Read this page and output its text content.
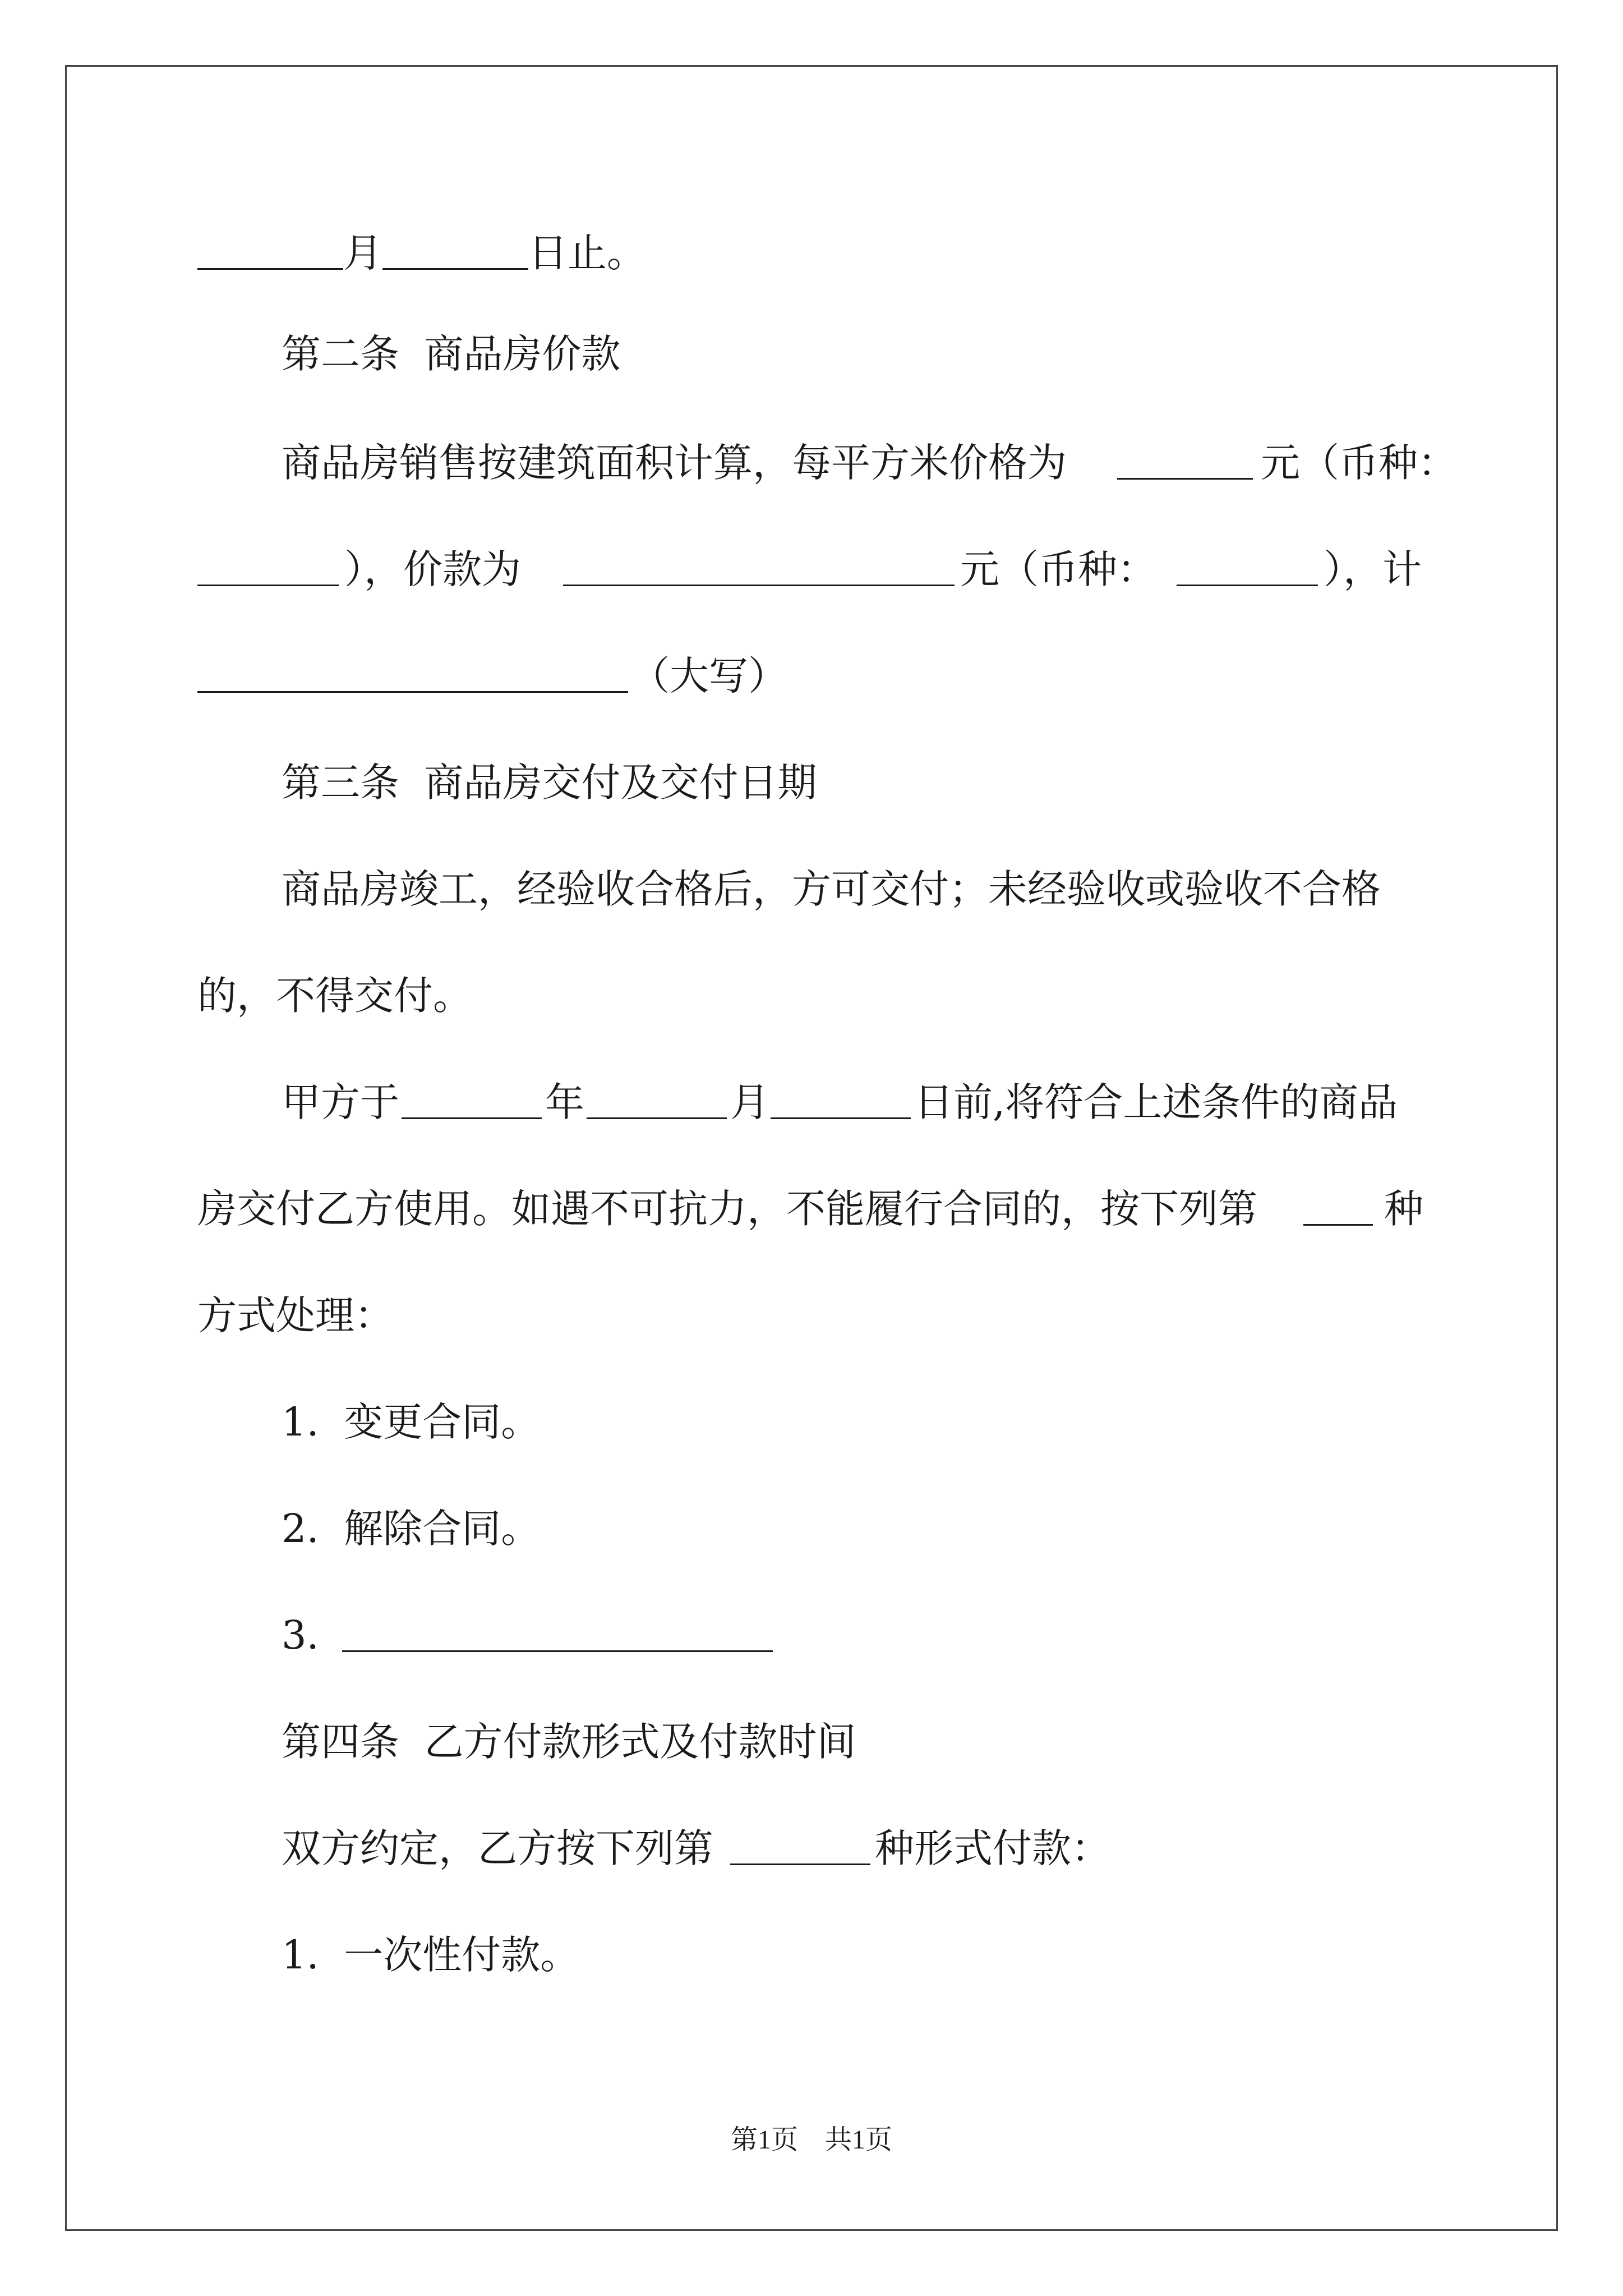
月

	日止。

第二条  商品房价款

商品房销售按建筑面积计算，每平方米价格为

	元（币种：

），价款为

	元（币种：

	），计

（大写）

第三条  商品房交付及交付日期

商品房竣工，经验收合格后，方可交付；未经验收或验收不合格

的，不得交付。

甲方于

	年

	月

	日前,将符合上述条件的商品

房交付乙方使用。如遇不可抗力，不能履行合同的，按下列第

	种

方式处理：

1.  变更合同。

2.  解除合同。

3.

第四条  乙方付款形式及付款时间

双方约定，乙方按下列第

	种形式付款：

1.  一次性付款。

第1页　 共1页
